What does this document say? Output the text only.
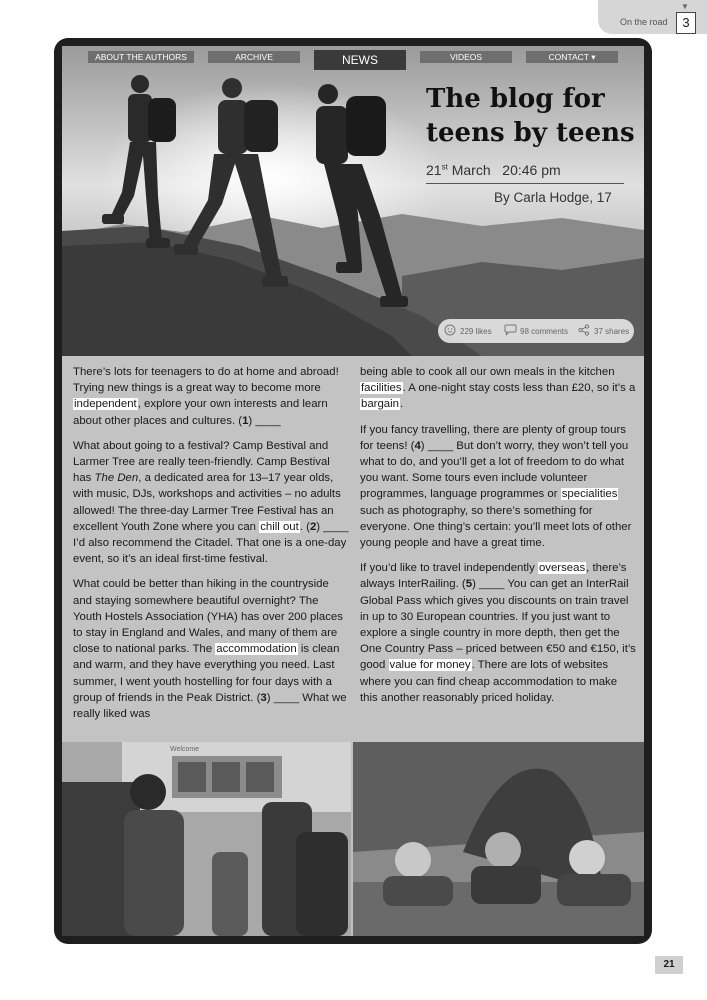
▼
On the road	3
ABOUT THE AUTHORS	ARCHIVE	NEWS	VIDEOS	CONTACT ▾
The blog for
teens by teens
21st March 20:46 pm
By Carla Hodge, 17
229 likes	98 comments	37 shares

There’s lots for teenagers to do at home and abroad! Trying new things is a great way to become more independent, explore your own interests and learn about other places and cultures. (1) ____

What about going to a festival? Camp Bestival and Larmer Tree are really teen-friendly. Camp Bestival has The Den, a dedicated area for 13–17 year olds, with music, DJs, workshops and activities – no adults allowed! The three-day Larmer Tree Festival has an excellent Youth Zone where you can chill out. (2) ____ I’d also recommend the Citadel. That one is a one-day event, so it’s an ideal first-time festival.

What could be better than hiking in the countryside and staying somewhere beautiful overnight? The Youth Hostels Association (YHA) has over 200 places to stay in England and Wales, and many of them are close to national parks. The accommodation is clean and warm, and they have everything you need. Last summer, I went youth hostelling for four days with a group of friends in the Peak District. (3) ____ What we really liked was

being able to cook all our own meals in the kitchen facilities. A one-night stay costs less than £20, so it’s a bargain.

If you fancy travelling, there are plenty of group tours for teens! (4) ____ But don’t worry, they won’t tell you what to do, and you’ll get a lot of freedom to do what you want. Some tours even include volunteer programmes, language programmes or specialities such as photography, so there’s something for everyone. One thing’s certain: you’ll meet lots of other young people and have a great time.

If you’d like to travel independently overseas, there’s always InterRailing. (5) ____ You can get an InterRail Global Pass which gives you discounts on train travel in up to 30 European countries. If you just want to explore a single country in more depth, then get the One Country Pass – priced between €50 and €150, it’s good value for money. There are lots of websites where you can find cheap accommodation to make this another reasonably priced holiday.

Welcome
21
